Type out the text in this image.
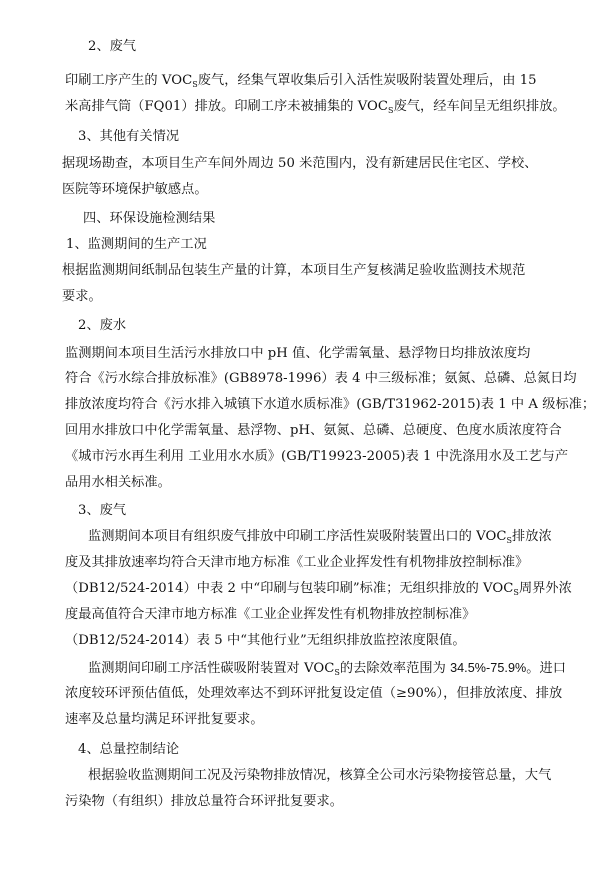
2、废气
印刷工序产生的 $VOC_S$废气，经集气罩收集后引入活性炭吸附装置处理后，由 15
米高排气筒（FQ01）排放。印刷工序未被捕集的 $VOC_S$废气，经车间呈无组织排放。
3、其他有关情况
据现场勘查，本项目生产车间外周边 50 米范围内，没有新建居民住宅区、学校、
医院等环境保护敏感点。
四、环保设施检测结果
1、监测期间的生产工况
根据监测期间纸制品包装生产量的计算，本项目生产复核满足验收监测技术规范
要求。
2、废水
监测期间本项目生活污水排放口中 pH 值、化学需氧量、悬浮物日均排放浓度均
符合《污水综合排放标准》(GB8978-1996）表 4 中三级标准；氨氮、总磷、总氮日均
排放浓度均符合《污水排入城镇下水道水质标准》(GB/T31962-2015)表 1 中 A 级标准；
回用水排放口中化学需氧量、悬浮物、pH、氨氮、总磷、总硬度、色度水质浓度符合
《城市污水再生利用 工业用水水质》(GB/T19923-2005)表 1 中洗涤用水及工艺与产
品用水相关标准。
3、废气
监测期间本项目有组织废气排放中印刷工序活性炭吸附装置出口的 $VOC_S$排放浓
度及其排放速率均符合天津市地方标准《工业企业挥发性有机物排放控制标准》
（DB12/524-2014）中表 2 中“印刷与包装印刷”标准；无组织排放的 $VOC_S$周界外浓
度最高值符合天津市地方标准《工业企业挥发性有机物排放控制标准》
（DB12/524-2014）表 5 中“其他行业”无组织排放监控浓度限值。
监测期间印刷工序活性碳吸附装置对 $VOC_S$的去除效率范围为 34.5%-75.9%。进口
浓度较环评预估值低，处理效率达不到环评批复设定值（≥90%），但排放浓度、排放
速率及总量均满足环评批复要求。
4、总量控制结论
根据验收监测期间工况及污染物排放情况，核算全公司水污染物接管总量，大气
污染物（有组织）排放总量符合环评批复要求。
